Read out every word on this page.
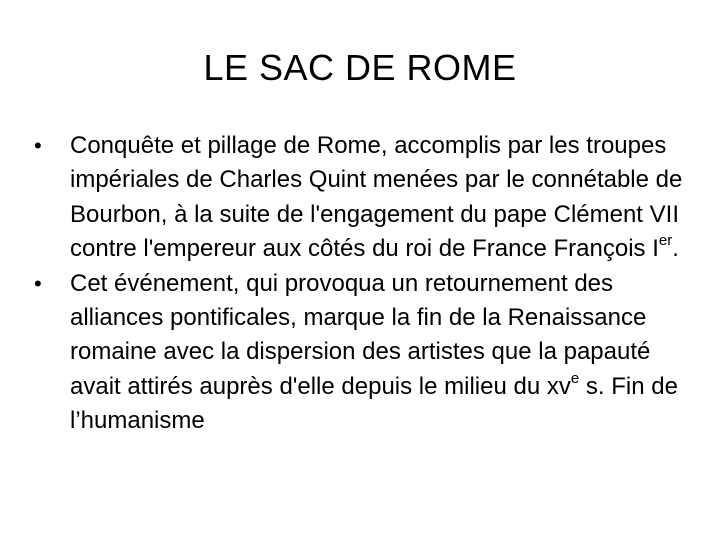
LE SAC DE ROME
•	Conquête et pillage de Rome, accomplis par les troupes impériales de Charles Quint menées par le connétable de Bourbon, à la suite de l'engagement du pape Clément VII contre l'empereur aux côtés du roi de France François Ier.
•	Cet événement, qui provoqua un retournement des alliances pontificales, marque la fin de la Renaissance romaine avec la dispersion des artistes que la papauté avait attirés auprès d'elle depuis le milieu du $xv^e$ s. Fin de l’humanisme
